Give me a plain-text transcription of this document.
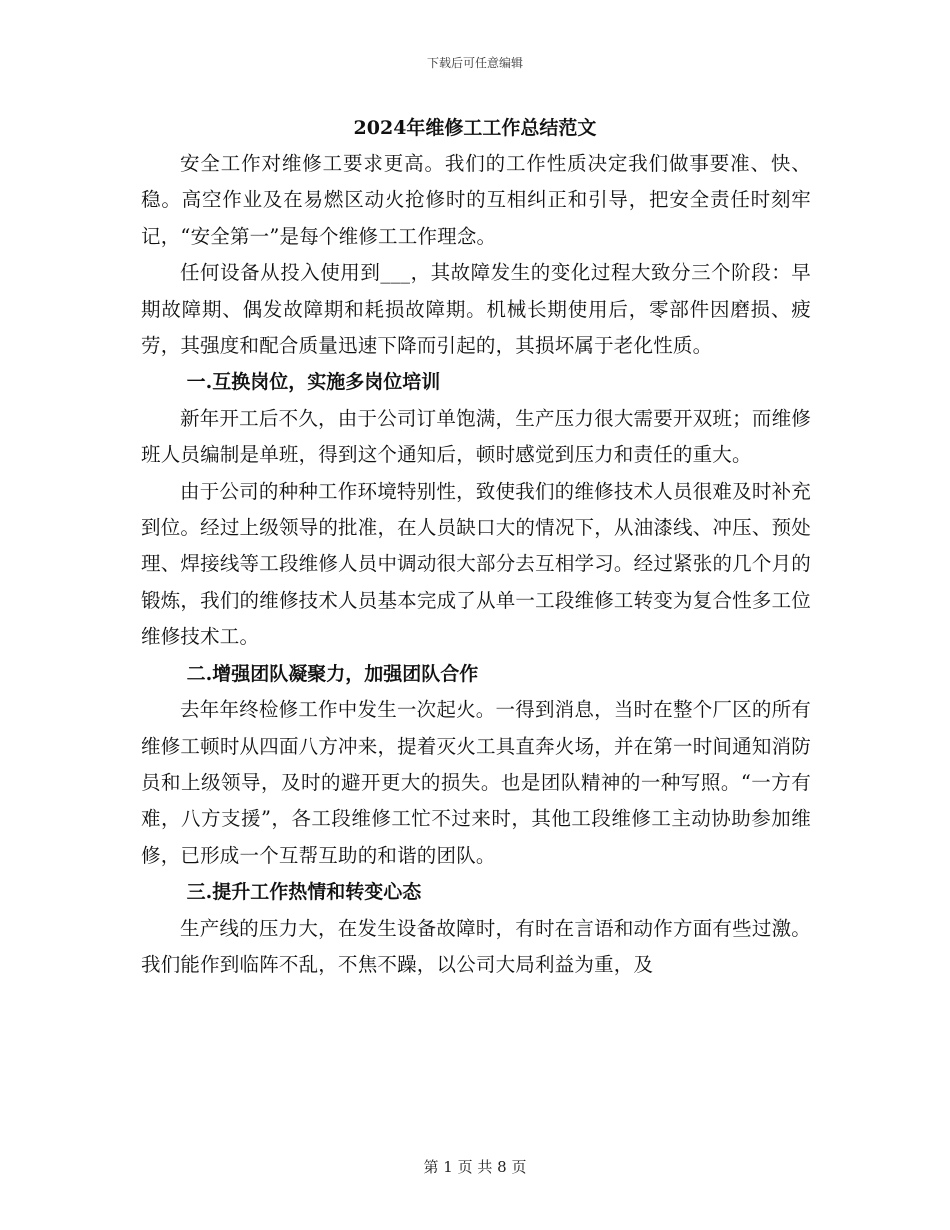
下载后可任意编辑
2024年维修工工作总结范文

安全工作对维修工要求更高。我们的工作性质决定我们做事要准、快、稳。高空作业及在易燃区动火抢修时的互相纠正和引导，把安全责任时刻牢记，“安全第一”是每个维修工工作理念。

任何设备从投入使用到___，其故障发生的变化过程大致分三个阶段：早期故障期、偶发故障期和耗损故障期。机械长期使用后，零部件因磨损、疲劳，其强度和配合质量迅速下降而引起的，其损坏属于老化性质。

一.互换岗位，实施多岗位培训

新年开工后不久，由于公司订单饱满，生产压力很大需要开双班；而维修班人员编制是单班，得到这个通知后，顿时感觉到压力和责任的重大。

由于公司的种种工作环境特别性，致使我们的维修技术人员很难及时补充到位。经过上级领导的批准，在人员缺口大的情况下，从油漆线、冲压、预处理、焊接线等工段维修人员中调动很大部分去互相学习。经过紧张的几个月的锻炼，我们的维修技术人员基本完成了从单一工段维修工转变为复合性多工位维修技术工。

二.增强团队凝聚力，加强团队合作

去年年终检修工作中发生一次起火。一得到消息，当时在整个厂区的所有维修工顿时从四面八方冲来，提着灭火工具直奔火场，并在第一时间通知消防员和上级领导，及时的避开更大的损失。也是团队精神的一种写照。“一方有难，八方支援”，各工段维修工忙不过来时，其他工段维修工主动协助参加维修，已形成一个互帮互助的和谐的团队。

三.提升工作热情和转变心态

生产线的压力大，在发生设备故障时，有时在言语和动作方面有些过激。我们能作到临阵不乱，不焦不躁，以公司大局利益为重，及

第 1 页 共 8 页
